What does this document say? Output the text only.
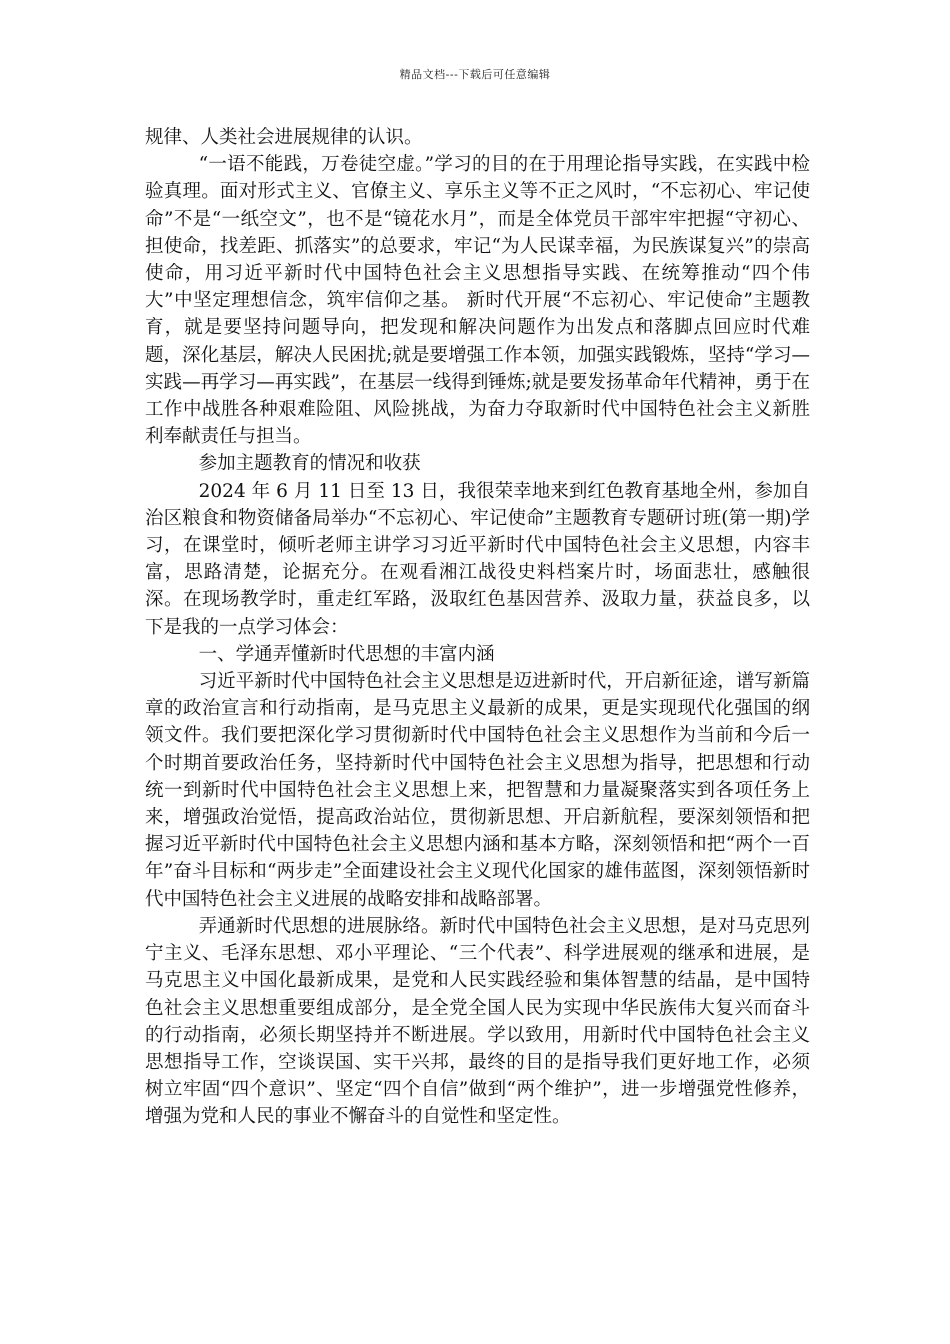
精品文档---下载后可任意编辑

规律、人类社会进展规律的认识。

“一语不能践，万卷徒空虚。”学习的目的在于用理论指导实践，在实践中检验真理。面对形式主义、官僚主义、享乐主义等不正之风时，“不忘初心、牢记使命”不是“一纸空文”，也不是“镜花水月”，而是全体党员干部牢牢把握“守初心、担使命，找差距、抓落实”的总要求，牢记“为人民谋幸福，为民族谋复兴”的崇高使命，用习近平新时代中国特色社会主义思想指导实践、在统筹推动“四个伟大”中坚定理想信念，筑牢信仰之基。 新时代开展“不忘初心、牢记使命”主题教育，就是要坚持问题导向，把发现和解决问题作为出发点和落脚点回应时代难题，深化基层，解决人民困扰;就是要增强工作本领，加强实践锻炼，坚持“学习—实践—再学习—再实践”，在基层一线得到锤炼;就是要发扬革命年代精神，勇于在工作中战胜各种艰难险阻、风险挑战，为奋力夺取新时代中国特色社会主义新胜利奉献责任与担当。

参加主题教育的情况和收获

2024 年 6 月 11 日至 13 日，我很荣幸地来到红色教育基地全州，参加自治区粮食和物资储备局举办“不忘初心、牢记使命”主题教育专题研讨班(第一期)学习，在课堂时，倾听老师主讲学习习近平新时代中国特色社会主义思想，内容丰富，思路清楚，论据充分。在观看湘江战役史料档案片时，场面悲壮，感触很深。在现场教学时，重走红军路，汲取红色基因营养、汲取力量，获益良多，以下是我的一点学习体会：

一、学通弄懂新时代思想的丰富内涵

习近平新时代中国特色社会主义思想是迈进新时代，开启新征途，谱写新篇章的政治宣言和行动指南，是马克思主义最新的成果，更是实现现代化强国的纲领文件。我们要把深化学习贯彻新时代中国特色社会主义思想作为当前和今后一个时期首要政治任务，坚持新时代中国特色社会主义思想为指导，把思想和行动统一到新时代中国特色社会主义思想上来，把智慧和力量凝聚落实到各项任务上来，增强政治觉悟，提高政治站位，贯彻新思想、开启新航程，要深刻领悟和把握习近平新时代中国特色社会主义思想内涵和基本方略，深刻领悟和把“两个一百年”奋斗目标和“两步走”全面建设社会主义现代化国家的雄伟蓝图，深刻领悟新时代中国特色社会主义进展的战略安排和战略部署。

弄通新时代思想的进展脉络。新时代中国特色社会主义思想，是对马克思列宁主义、毛泽东思想、邓小平理论、“三个代表”、科学进展观的继承和进展，是马克思主义中国化最新成果，是党和人民实践经验和集体智慧的结晶，是中国特色社会主义思想重要组成部分，是全党全国人民为实现中华民族伟大复兴而奋斗的行动指南，必须长期坚持并不断进展。学以致用，用新时代中国特色社会主义思想指导工作，空谈误国、实干兴邦，最终的目的是指导我们更好地工作，必须树立牢固“四个意识”、坚定“四个自信”做到“两个维护”，进一步增强党性修养，增强为党和人民的事业不懈奋斗的自觉性和坚定性。
